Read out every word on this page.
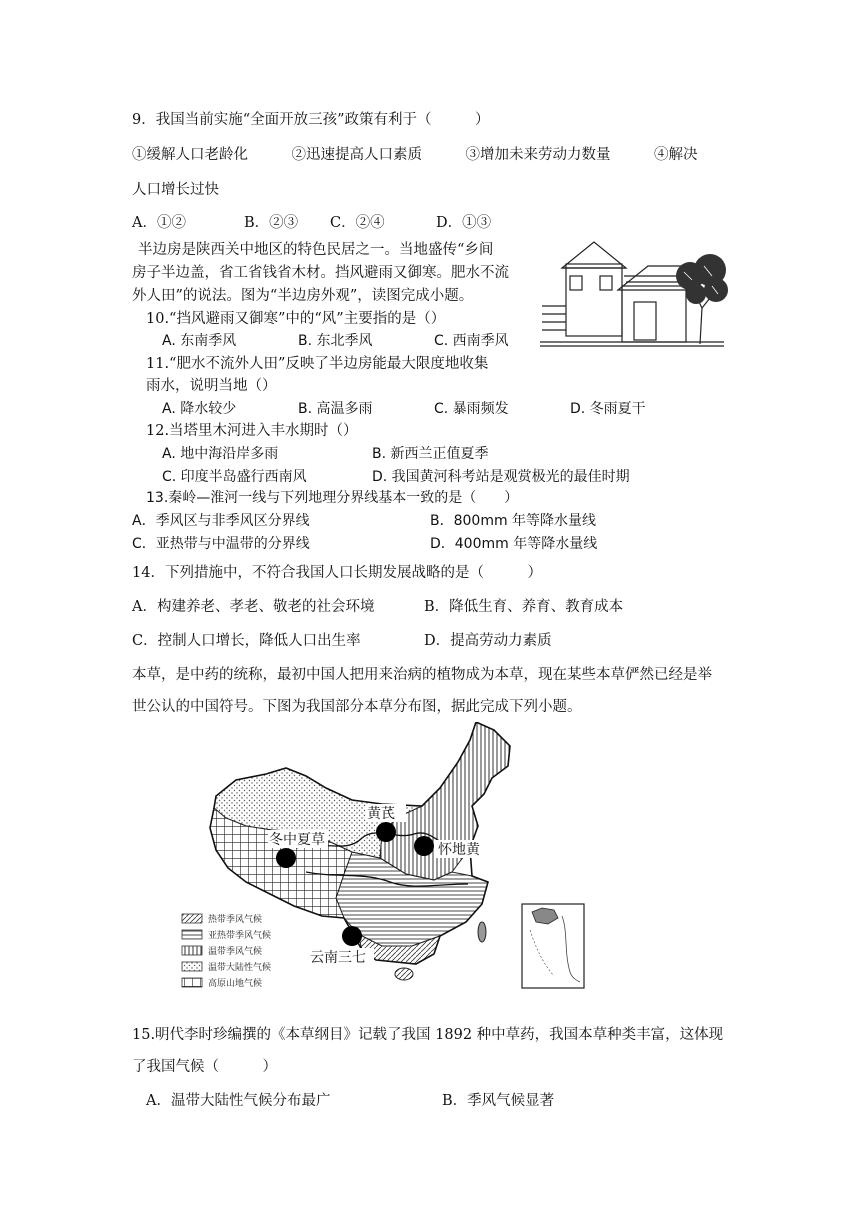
9．我国当前实施“全面开放三孩”政策有利于（　　　）
①缓解人口老龄化　　　②迅速提高人口素质　　　③增加未来劳动力数量　　　④解决
人口增长过快
A．①②	B．②③ C．②④	D．①③
半边房是陕西关中地区的特色民居之一。当地盛传“乡间
房子半边盖，省工省钱省木材。挡风避雨又御寒。肥水不流
外人田”的说法。图为“半边房外观”，读图完成小题。
10.“挡风避雨又御寒”中的“风”主要指的是（）
A. 东南季风	B. 东北季风	C. 西南季风
11.“肥水不流外人田”反映了半边房能最大限度地收集
雨水，说明当地（）
A. 降水较少	B. 高温多雨	C. 暴雨频发	D. 冬雨夏干
12.当塔里木河进入丰水期时（）
A. 地中海沿岸多雨	B. 新西兰正值夏季
C. 印度半岛盛行西南风	D. 我国黄河科考站是观赏极光的最佳时期
13.秦岭—淮河一线与下列地理分界线基本一致的是（　　）
A．季风区与非季风区分界线	B．800mm 年等降水量线
C．亚热带与中温带的分界线	D．400mm 年等降水量线
14．下列措施中，不符合我国人口长期发展战略的是（　　　）
A．构建养老、孝老、敬老的社会环境	B．降低生育、养育、教育成本
C．控制人口增长，降低人口出生率	D．提高劳动力素质
本草，是中药的统称，最初中国人把用来治病的植物成为本草，现在某些本草俨然已经是举
世公认的中国符号。下图为我国部分本草分布图，据此完成下列小题。
黄芪
冬中夏草
怀地黄
云南三七
热带季风气候
亚热带季风气候
温带季风气候
温带大陆性气候
高原山地气候
15.明代李时珍编撰的《本草纲目》记载了我国 1892 种中草药，我国本草种类丰富，这体现
了我国气候（　　　）
A．温带大陆性气候分布最广	B．季风气候显著
